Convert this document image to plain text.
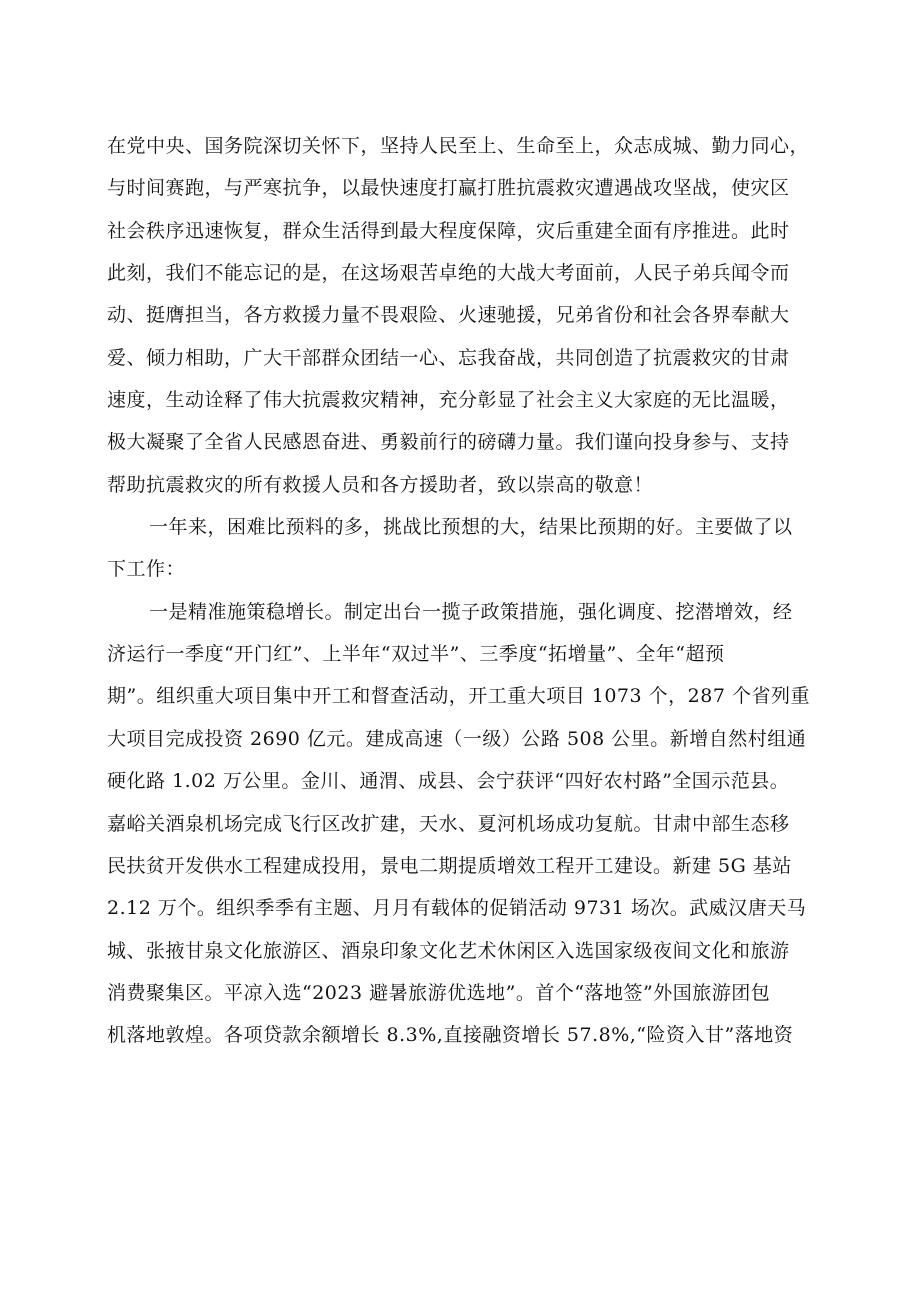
在党中央、国务院深切关怀下，坚持人民至上、生命至上，众志成城、勤力同心，
与时间赛跑，与严寒抗争，以最快速度打赢打胜抗震救灾遭遇战攻坚战，使灾区
社会秩序迅速恢复，群众生活得到最大程度保障，灾后重建全面有序推进。此时
此刻，我们不能忘记的是，在这场艰苦卓绝的大战大考面前，人民子弟兵闻令而
动、挺膺担当，各方救援力量不畏艰险、火速驰援，兄弟省份和社会各界奉献大
爱、倾力相助，广大干部群众团结一心、忘我奋战，共同创造了抗震救灾的甘肃
速度，生动诠释了伟大抗震救灾精神，充分彰显了社会主义大家庭的无比温暖，
极大凝聚了全省人民感恩奋进、勇毅前行的磅礴力量。我们谨向投身参与、支持
帮助抗震救灾的所有救援人员和各方援助者，致以崇高的敬意！
一年来，困难比预料的多，挑战比预想的大，结果比预期的好。主要做了以
下工作：
一是精准施策稳增长。制定出台一揽子政策措施，强化调度、挖潜增效，经
济运行一季度“开门红”、上半年“双过半”、三季度“拓增量”、全年“超预
期”。组织重大项目集中开工和督查活动，开工重大项目 1073 个，287 个省列重
大项目完成投资 2690 亿元。建成高速（一级）公路 508 公里。新增自然村组通
硬化路 1.02 万公里。金川、通渭、成县、会宁获评“四好农村路”全国示范县。
嘉峪关酒泉机场完成飞行区改扩建，天水、夏河机场成功复航。甘肃中部生态移
民扶贫开发供水工程建成投用，景电二期提质增效工程开工建设。新建 5G 基站
2.12 万个。组织季季有主题、月月有载体的促销活动 9731 场次。武威汉唐天马
城、张掖甘泉文化旅游区、酒泉印象文化艺术休闲区入选国家级夜间文化和旅游
消费聚集区。平凉入选“2023 避暑旅游优选地”。首个“落地签”外国旅游团包
机落地敦煌。各项贷款余额增长 8.3%,直接融资增长 57.8%,“险资入甘”落地资
